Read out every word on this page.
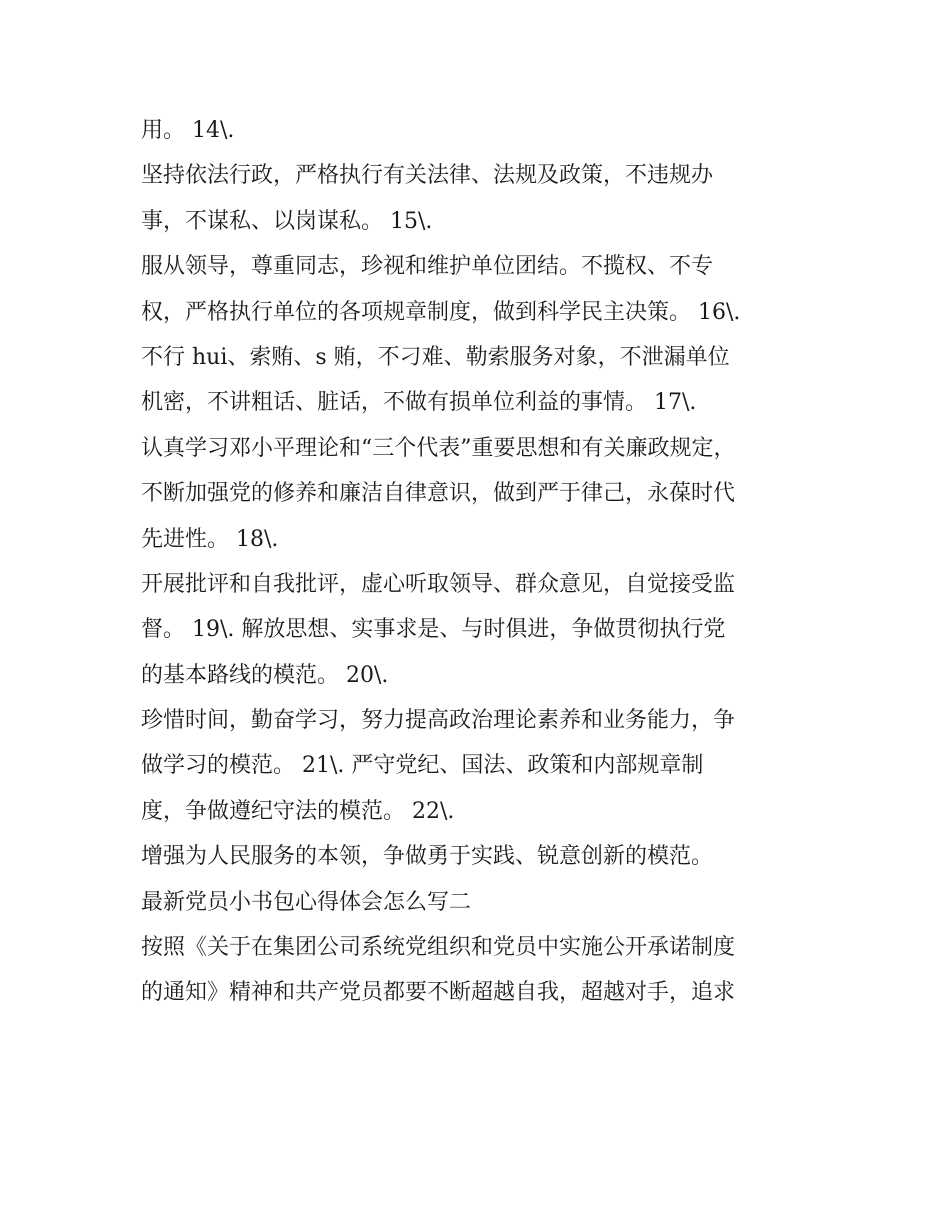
用。 14\.
坚持依法行政，严格执行有关法律、法规及政策，不违规办
事，不谋私、以岗谋私。 15\.
服从领导，尊重同志，珍视和维护单位团结。不揽权、不专
权，严格执行单位的各项规章制度，做到科学民主决策。 16\.
不行 hui、索贿、s 贿，不刁难、勒索服务对象，不泄漏单位
机密，不讲粗话、脏话，不做有损单位利益的事情。 17\.
认真学习邓小平理论和“三个代表”重要思想和有关廉政规定，
不断加强党的修养和廉洁自律意识，做到严于律己，永葆时代
先进性。 18\.
开展批评和自我批评，虚心听取领导、群众意见，自觉接受监
督。 19\. 解放思想、实事求是、与时俱进，争做贯彻执行党
的基本路线的模范。 20\.
珍惜时间，勤奋学习，努力提高政治理论素养和业务能力，争
做学习的模范。 21\. 严守党纪、国法、政策和内部规章制
度，争做遵纪守法的模范。 22\.
增强为人民服务的本领，争做勇于实践、锐意创新的模范。
最新党员小书包心得体会怎么写二
按照《关于在集团公司系统党组织和党员中实施公开承诺制度
的通知》精神和共产党员都要不断超越自我，超越对手，追求
